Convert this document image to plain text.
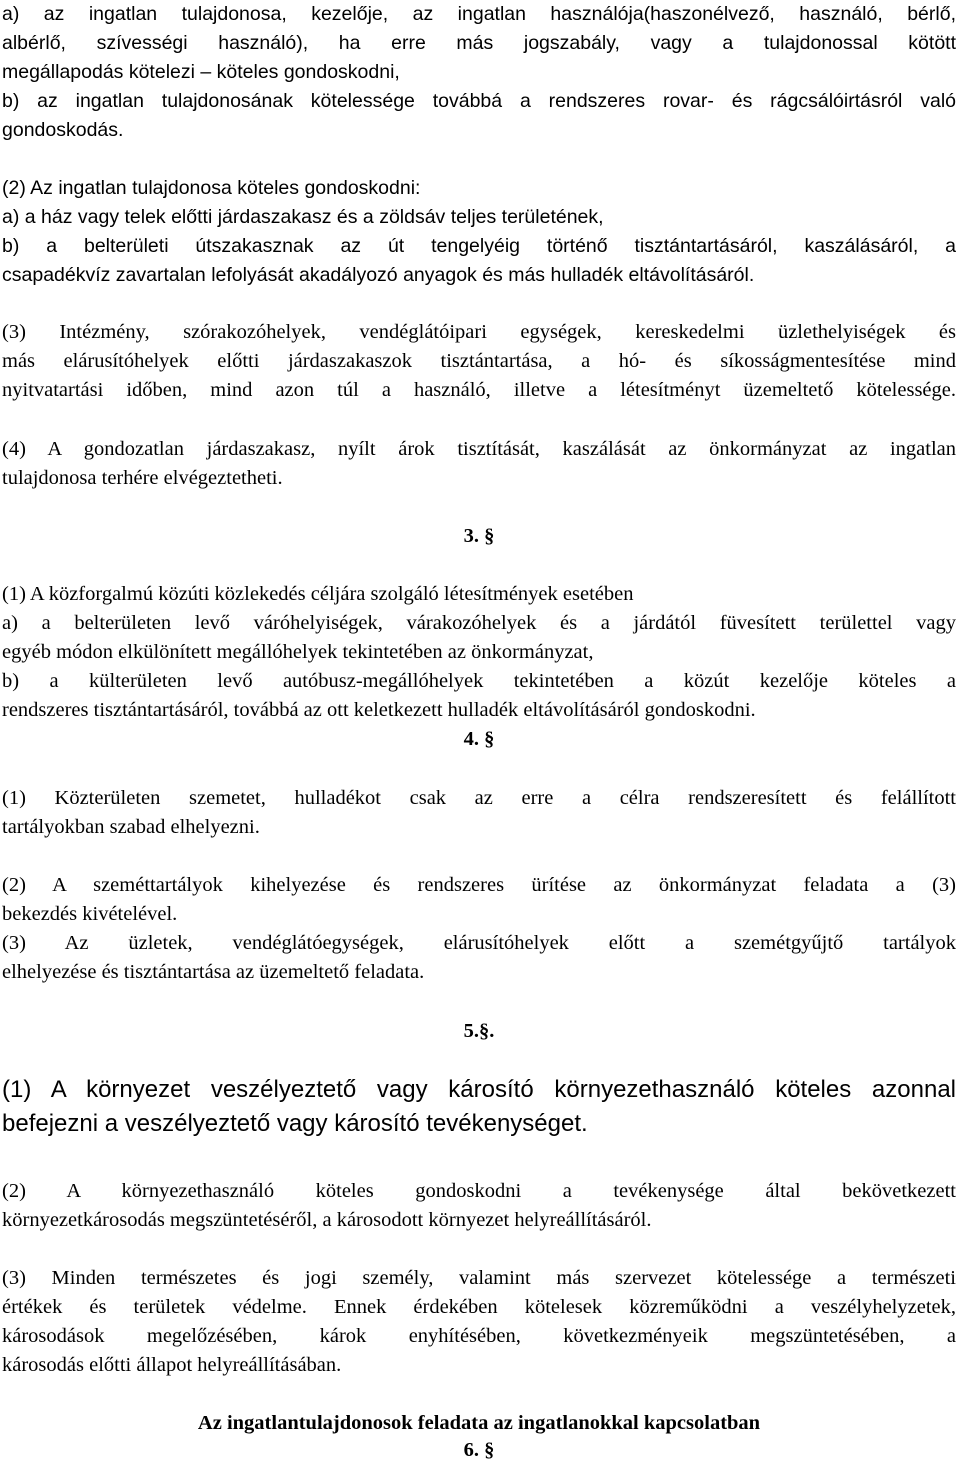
a) az ingatlan tulajdonosa, kezelője, az ingatlan használója(haszonélvező, használó, bérlő,
albérlő, szívességi használó), ha erre más jogszabály, vagy a tulajdonossal kötött
megállapodás kötelezi – köteles gondoskodni,
b) az ingatlan tulajdonosának kötelessége továbbá a rendszeres rovar- és rágcsálóirtásról való
gondoskodás.
(2) Az ingatlan tulajdonosa köteles gondoskodni:
a) a ház vagy telek előtti járdaszakasz és a zöldsáv teljes területének,
b) a belterületi útszakasznak az út tengelyéig történő tisztántartásáról, kaszálásáról, a
csapadékvíz zavartalan lefolyását akadályozó anyagok és más hulladék eltávolításáról.
(3) Intézmény, szórakozóhelyek, vendéglátóipari egységek, kereskedelmi üzlethelyiségek és
más elárusítóhelyek előtti járdaszakaszok tisztántartása, a hó- és síkosságmentesítése mind
nyitvatartási időben, mind azon túl a használó, illetve a létesítményt üzemeltető kötelessége.
(4) A gondozatlan járdaszakasz, nyílt árok tisztítását, kaszálását az önkormányzat az ingatlan
tulajdonosa terhére elvégeztetheti.
3. §
(1) A közforgalmú közúti közlekedés céljára szolgáló létesítmények esetében
a) a belterületen levő váróhelyiségek, várakozóhelyek és a járdától füvesített területtel vagy
egyéb módon elkülönített megállóhelyek tekintetében az önkormányzat,
b) a külterületen levő autóbusz-megállóhelyek tekintetében a közút kezelője köteles a
rendszeres tisztántartásáról, továbbá az ott keletkezett hulladék eltávolításáról gondoskodni.
4. §
(1) Közterületen szemetet, hulladékot csak az erre a célra rendszeresített és felállított
tartályokban szabad elhelyezni.
(2) A szeméttartályok kihelyezése és rendszeres ürítése az önkormányzat feladata a (3)
bekezdés kivételével.
(3) Az üzletek, vendéglátóegységek, elárusítóhelyek előtt a szemétgyűjtő tartályok
elhelyezése és tisztántartása az üzemeltető feladata.
5.§.
(1) A környezet veszélyeztető vagy károsító környezethasználó köteles azonnal
befejezni a veszélyeztető vagy károsító tevékenységet.
(2) A környezethasználó köteles gondoskodni a tevékenysége által bekövetkezett
környezetkárosodás megszüntetéséről, a károsodott környezet helyreállításáról.
(3) Minden természetes és jogi személy, valamint más szervezet kötelessége a természeti
értékek és területek védelme. Ennek érdekében kötelesek közreműködni a veszélyhelyzetek,
károsodások megelőzésében, károk enyhítésében, következményeik megszüntetésében, a
károsodás előtti állapot helyreállításában.
Az ingatlantulajdonosok feladata az ingatlanokkal kapcsolatban
6. §
